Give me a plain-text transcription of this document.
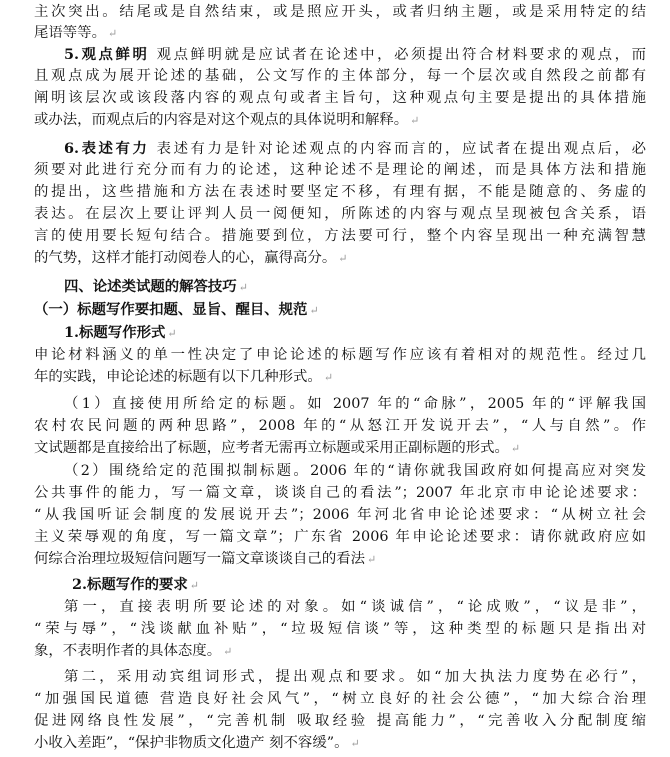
主次突出。结尾或是自然结束，或是照应开头，或者归纳主题，或是采用特定的结
尾语等等。 ↵
5.观点鲜明 观点鲜明就是应试者在论述中，必须提出符合材料要求的观点，而
且观点成为展开论述的基础，公文写作的主体部分，每一个层次或自然段之前都有
阐明该层次或该段落内容的观点句或者主旨句，这种观点句主要是提出的具体措施
或办法，而观点后的内容是对这个观点的具体说明和解释。 ↵
6.表述有力 表述有力是针对论述观点的内容而言的，应试者在提出观点后，必
须要对此进行充分而有力的论述，这种论述不是理论的阐述，而是具体方法和措施
的提出，这些措施和方法在表述时要坚定不移，有理有据，不能是随意的、务虚的
表达。在层次上要让评判人员一阅便知，所陈述的内容与观点呈现被包含关系，语
言的使用要长短句结合。措施要到位，方法要可行，整个内容呈现出一种充满智慧
的气势，这样才能打动阅卷人的心，赢得高分。 ↵
四、论述类试题的解答技巧 ↵
（一）标题写作要扣题、显旨、醒目、规范 ↵
1.标题写作形式 ↵
申论材料涵义的单一性决定了申论论述的标题写作应该有着相对的规范性。经过几
年的实践，申论论述的标题有以下几种形式。 ↵
（1）直接使用所给定的标题。如 2007 年的“命脉”，2005 年的“评解我国
农村农民问题的两种思路”，2008 年的“从怒江开发说开去”，“人与自然”。作
文试题都是直接给出了标题，应考者无需再立标题或采用正副标题的形式。 ↵
（2）围绕给定的范围拟制标题。2006 年的“请你就我国政府如何提高应对突发
公共事件的能力，写一篇文章，谈谈自己的看法”；2007 年北京市申论论述要求：
“从我国听证会制度的发展说开去”；2006 年河北省申论论述要求：“从树立社会
主义荣辱观的角度，写一篇文章”；广东省 2006 年申论论述要求：请你就政府应如
何综合治理垃圾短信问题写一篇文章谈谈自己的看法 ↵
2.标题写作的要求 ↵
第一，直接表明所要论述的对象。如“谈诚信”，“论成败”，“议是非”，
“荣与辱”，“浅谈献血补贴”，“垃圾短信谈”等，这种类型的标题只是指出对
象，不表明作者的具体态度。 ↵
第二，采用动宾组词形式，提出观点和要求。如“加大执法力度势在必行”，
“加强国民道德 营造良好社会风气”，“树立良好的社会公德”，“加大综合治理
促进网络良性发展”，“完善机制 吸取经验 提高能力”，“完善收入分配制度缩
小收入差距”，“保护非物质文化遗产 刻不容缓”。 ↵
